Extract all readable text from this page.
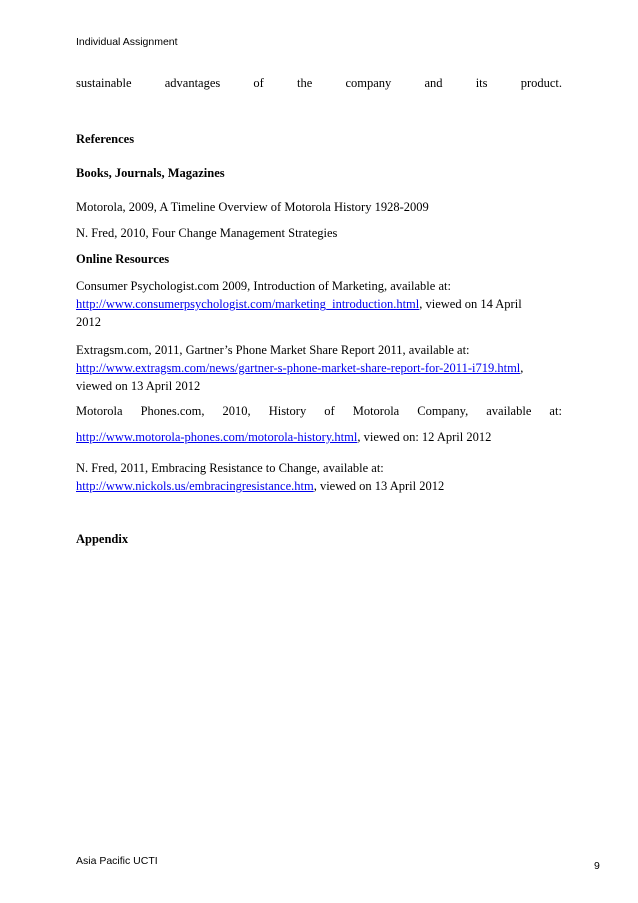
Individual Assignment
sustainable	advantages	of	the	company	and	its	product.
References
Books, Journals, Magazines
Motorola, 2009, A Timeline Overview of Motorola History 1928-2009
N. Fred, 2010, Four Change Management Strategies
Online Resources
Consumer Psychologist.com 2009, Introduction of Marketing, available at:
http://www.consumerpsychologist.com/marketing_introduction.html, viewed on 14 April
2012
Extragsm.com, 2011, Gartner’s Phone Market Share Report 2011, available at:
http://www.extragsm.com/news/gartner-s-phone-market-share-report-for-2011-i719.html,
viewed on 13 April 2012
Motorola Phones.com, 2010, History of Motorola Company, available at:
http://www.motorola-phones.com/motorola-history.html, viewed on: 12 April 2012
N. Fred, 2011, Embracing Resistance to Change, available at:
http://www.nickols.us/embracingresistance.htm, viewed on 13 April 2012
Appendix
Asia Pacific UCTI	9
